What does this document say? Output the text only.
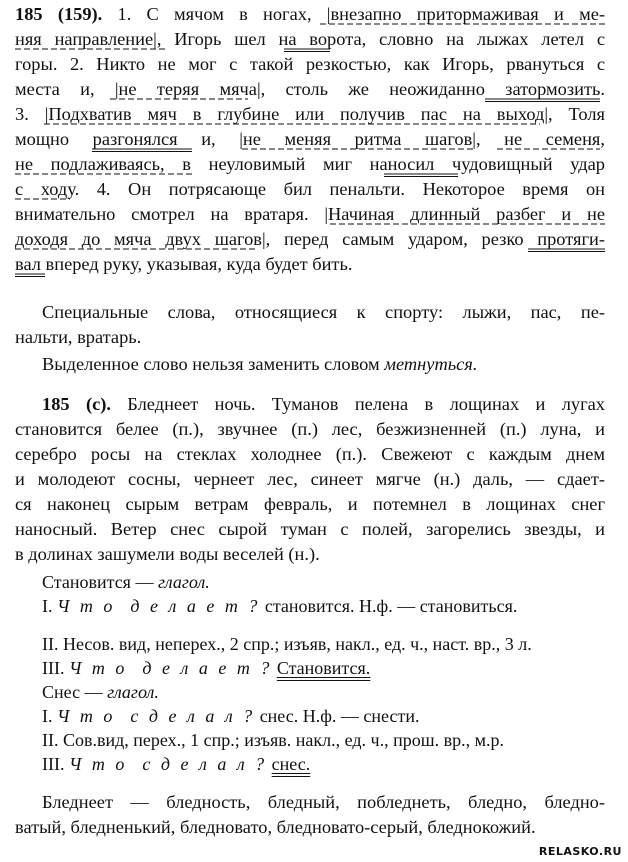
185 (159). 1. С мячом в ногах, |внезапно притормаживая и ме-
няя направление|, Игорь шел на ворота, словно на лыжах летел с
горы. 2. Никто не мог с такой резкостью, как Игорь, рвануться с
места и, |не теряя мяча|, столь же неожиданно затормозить.
3. |Подхватив мяч в глубине или получив пас на выход|, Толя
мощно разгонялся и, |не меняя ритма шагов|, не семеня,
не подлаживаясь, в неуловимый миг наносил чудовищный удар
с ходу. 4. Он потрясающе бил пенальти. Некоторое время он
внимательно смотрел на вратаря. |Начиная длинный разбег и не
доходя до мяча двух шагов|, перед самым ударом, резко протяги-
вал вперед руку, указывая, куда будет бить.
Специальные слова, относящиеся к спорту: лыжи, пас, пе-
нальти, вратарь.
Выделенное слово нельзя заменить словом метнуться.
185 (с). Бледнеет ночь. Туманов пелена в лощинах и лугах
становится белее (п.), звучнее (п.) лес, безжизненней (п.) луна, и
серебро росы на стеклах холоднее (п.). Свежеют с каждым днем
и молодеют сосны, чернеет лес, синеет мягче (н.) даль, — сдает-
ся наконец сырым ветрам февраль, и потемнел в лощинах снег
наносный. Ветер снес сырой туман с полей, загорелись звезды, и
в долинах зашумели воды веселей (н.).
Становится — глагол.
I. Ч т о  д е л а е т ? становится. Н.ф. — становиться.
II. Несов. вид, неперех., 2 спр.; изъяв, накл., ед. ч., наст. вр., 3 л.
III. Ч т о  д е л а е т ? Становится.
Снес — глагол.
I. Ч т о  с д е л а л ? снес. Н.ф. — снести.
II. Сов.вид, перех., 1 спр.; изъяв. накл., ед. ч., прош. вр., м.р.
III. Ч т о  с д е л а л ? снес.
Бледнеет — бледность, бледный, побледнеть, бледно, бледно-
ватый, бледненький, бледновато, бледновато-серый, бледнокожий.
RELASKO.RU
